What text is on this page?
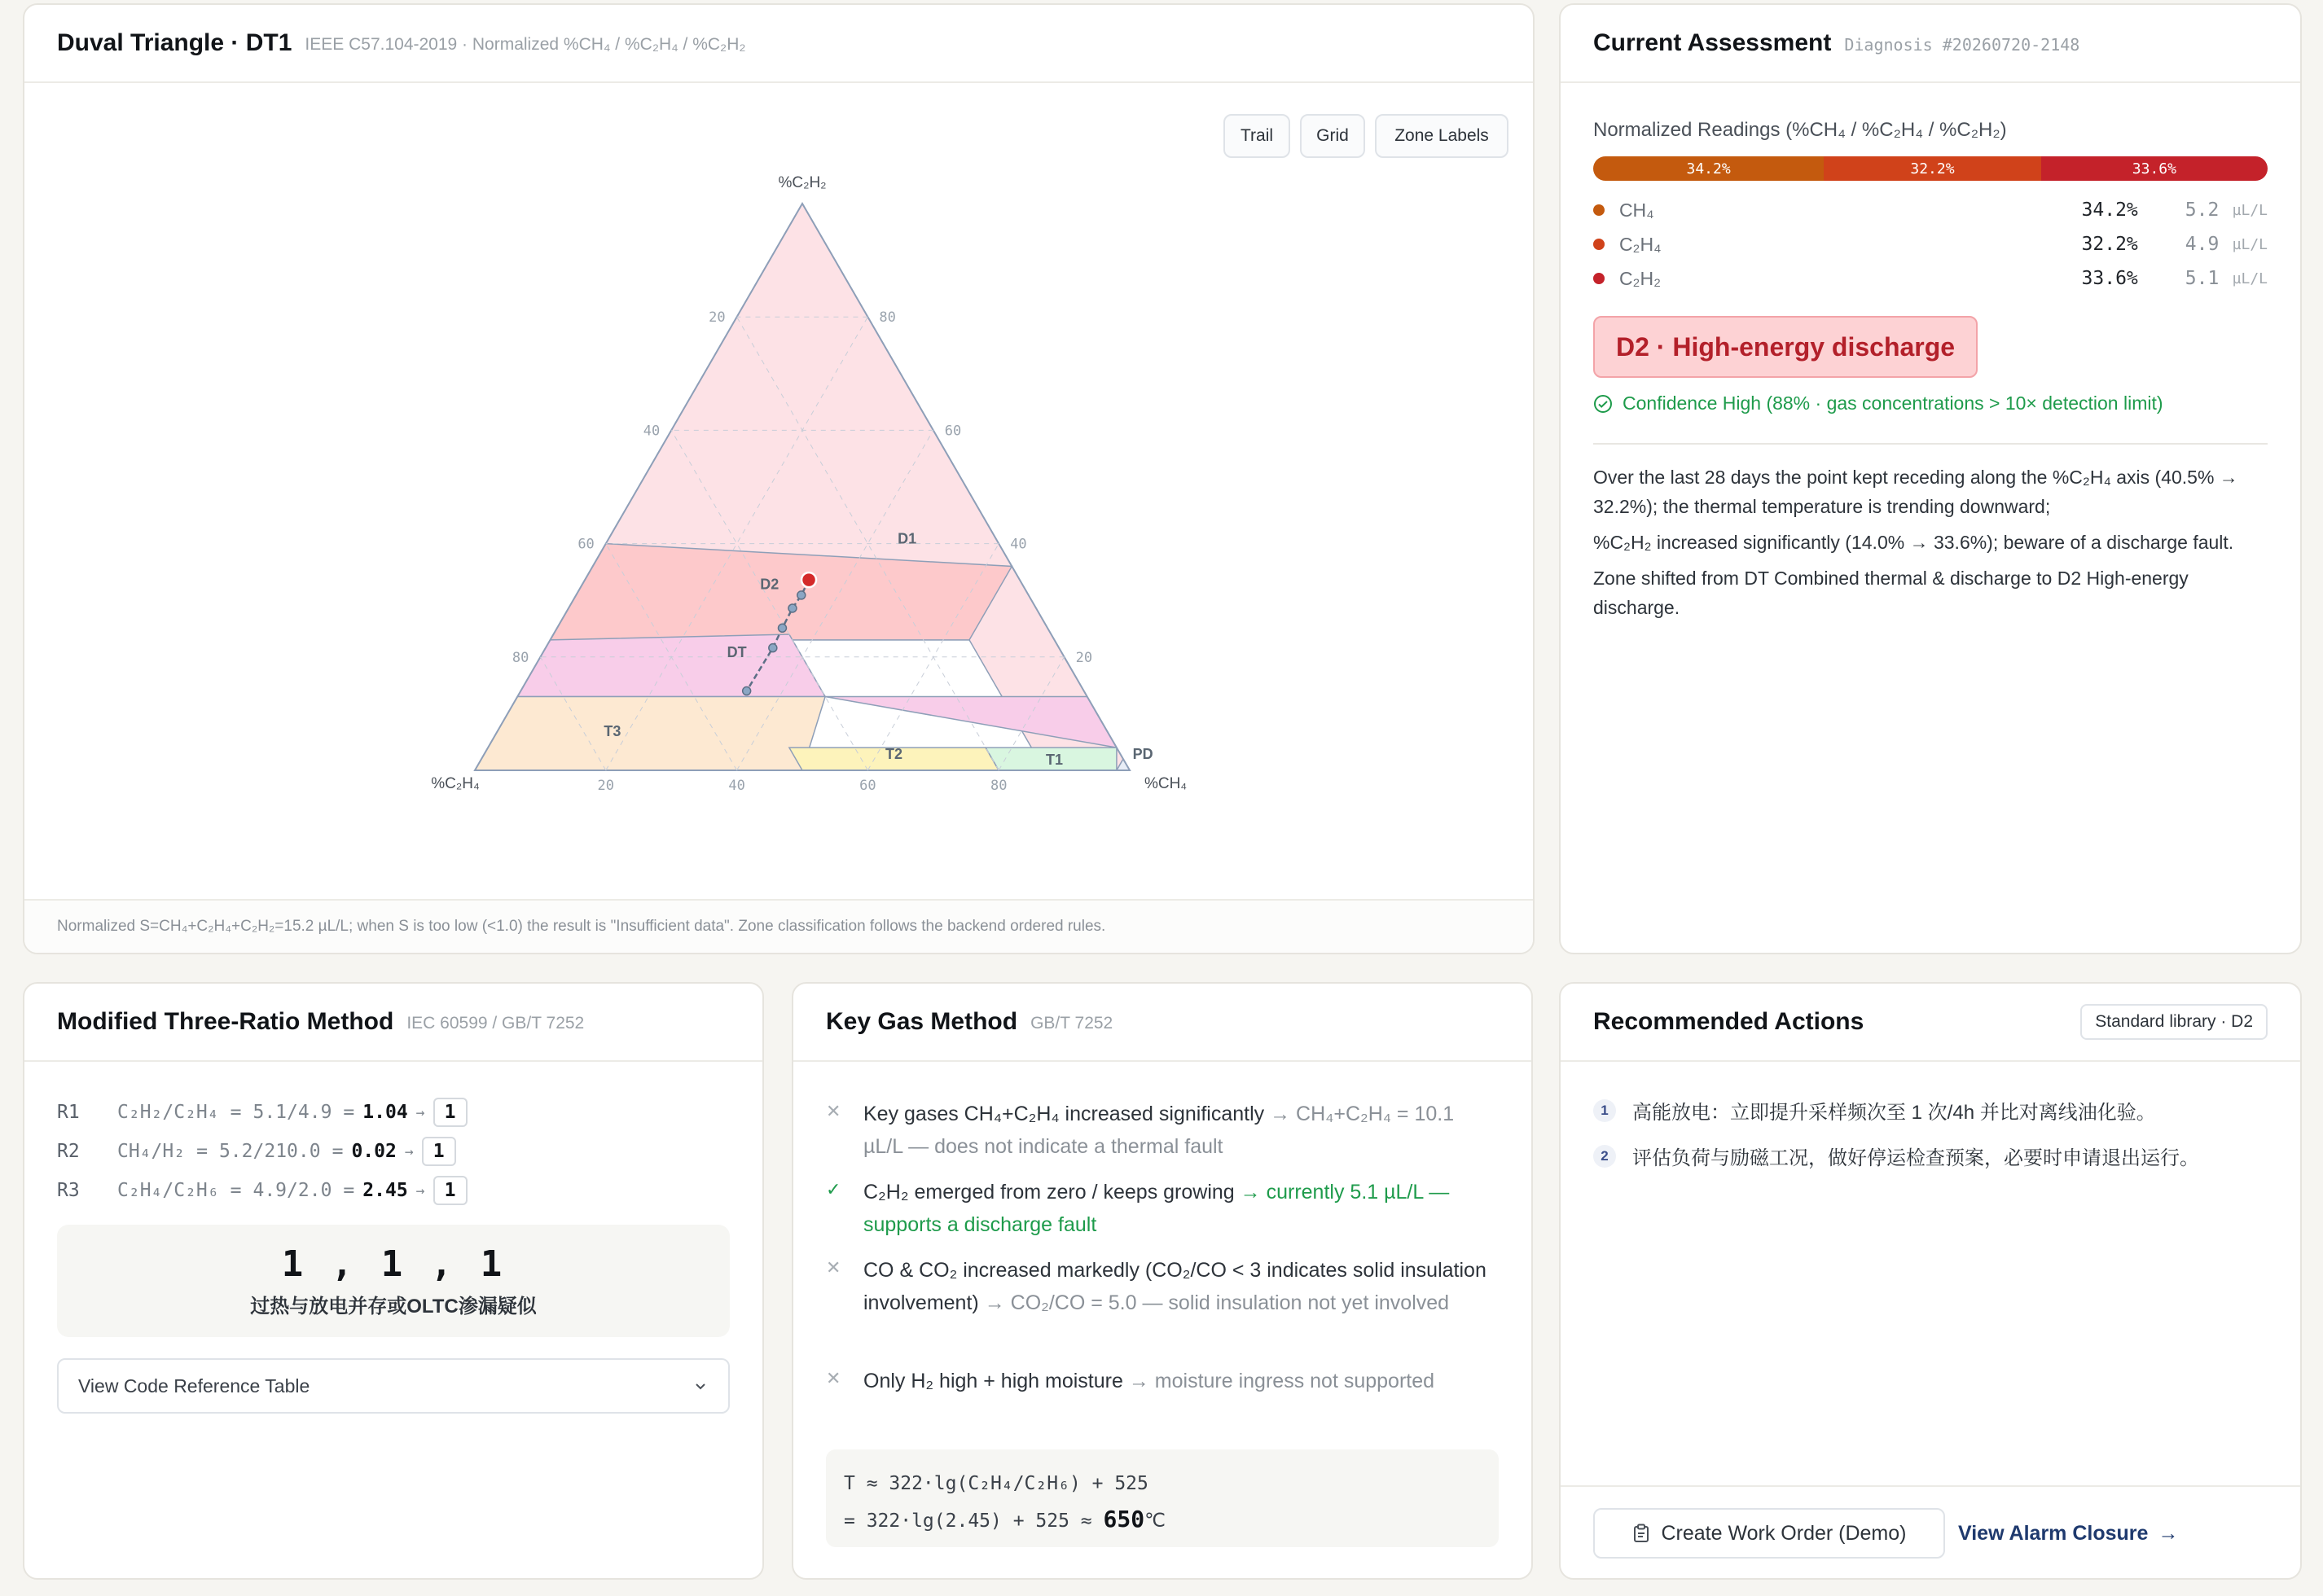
Duval Triangle · DT1 IEEE C57.104-2019 · Normalized %CH₄ / %C₂H₄ / %C₂H₂
Trail	Grid	Zone Labels
20
20
20
40
40
40
60
60
60
80
80
80
%C₂H₂
%C₂H₄	%CH₄
D1
D2
DT
T3
T2	T1	PD
Normalized S=CH₄+C₂H₄+C₂H₂=15.2 µL/L; when S is too low (<1.0) the result is "Insufficient data". Zone classification follows the backend ordered rules.
Current Assessment Diagnosis #20260720-2148
Normalized Readings (%CH₄ / %C₂H₄ / %C₂H₂)
34.2%	32.2%	33.6%
CH₄	34.2%	5.2 µL/L
C₂H₄	32.2%	4.9 µL/L
C₂H₂	33.6%	5.1 µL/L
D2 · High-energy discharge
Confidence High (88% · gas concentrations > 10× detection limit)

Over the last 28 days the point kept receding along the %C₂H₄ axis (40.5% → 32.2%); the thermal temperature is trending downward;

%C₂H₂ increased significantly (14.0% → 33.6%); beware of a discharge fault.

Zone shifted from DT Combined thermal & discharge to D2 High-energy discharge.

Modified Three-Ratio Method IEC 60599 / GB/T 7252
R1	C₂H₂/C₂H₄ = 5.1/4.9 = 1.04 →	1
R2	CH₄/H₂ = 5.2/210.0 = 0.02 →	1
R3	C₂H₄/C₂H₆ = 4.9/2.0 = 2.45 →	1
1 , 1 , 1
过热与放电并存或OLTC渗漏疑似
View Code Reference Table
Key Gas Method GB/T 7252
✕	Key gases CH₄+C₂H₄ increased significantly → CH₄+C₂H₄ = 10.1 µL/L — does not indicate a thermal fault
✓	C₂H₂ emerged from zero / keeps growing → currently 5.1 µL/L — supports a discharge fault
✕	CO & CO₂ increased markedly (CO₂/CO < 3 indicates solid insulation involvement) → CO₂/CO = 5.0 — solid insulation not yet involved
✕	Only H₂ high + high moisture → moisture ingress not supported
T ≈ 322·lg(C₂H₄/C₂H₆) + 525
= 322·lg(2.45) + 525 ≈ 650℃
Recommended Actions	Standard library · D2
1	高能放电：立即提升采样频次至 1 次/4h 并比对离线油化验。
2	评估负荷与励磁工况，做好停运检查预案，必要时申请退出运行。
Create Work Order (Demo)	View Alarm Closure →
